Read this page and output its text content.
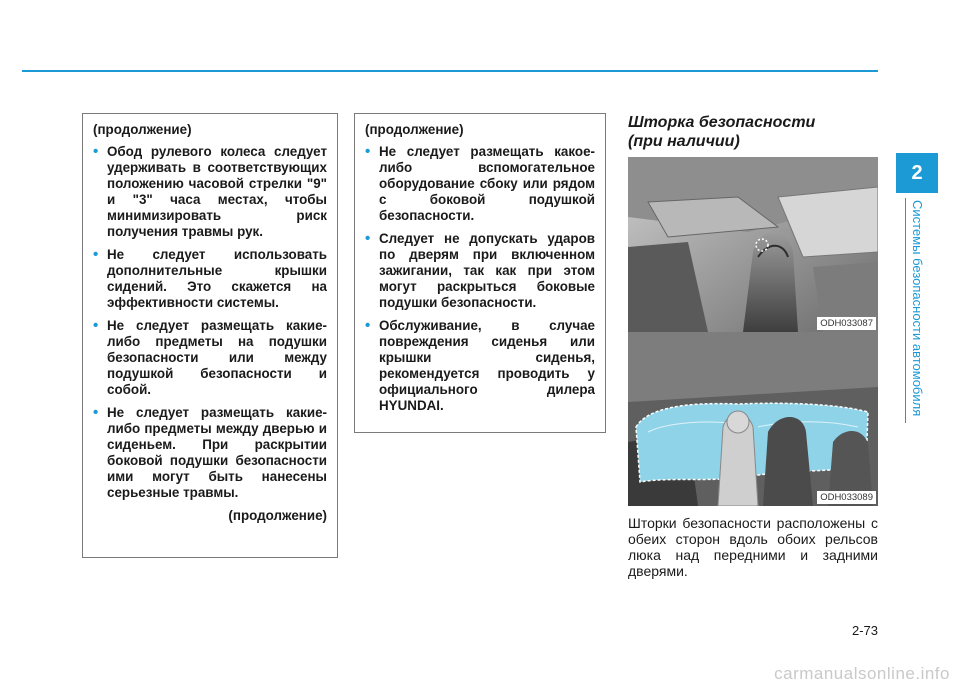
(продолжение)
• Обод рулевого колеса следует удерживать в соответствующих положению часовой стрелки "9" и "3" часа местах, чтобы минимизировать риск получения травмы рук.
• Не следует использовать дополнительные крышки сидений. Это скажется на эффективности системы.
• Не следует размещать какие-либо предметы на подушки безопасности или между подушкой безопасности и собой.
• Не следует размещать какие-либо предметы между дверью и сиденьем. При раскрытии боковой подушки безопасности ими могут быть нанесены серьезные травмы.
(продолжение)
(продолжение)
• Не следует размещать какое-либо вспомогательное оборудование сбоку или рядом с боковой подушкой безопасности.
• Следует не допускать ударов по дверям при включенном зажигании, так как при этом могут раскрыться боковые подушки безопасности.
• Обслуживание, в случае повреждения сиденья или крышки сиденья, рекомендуется проводить у официального дилера HYUNDAI.
Шторка безопасности
(при наличии)
ODH033087
ODH033089
Шторки безопасности расположены с обеих сторон вдоль обоих рельсов люка над передними и задними дверями.
2
Системы безопасности автомобиля
2-73
carmanualsonline.info
